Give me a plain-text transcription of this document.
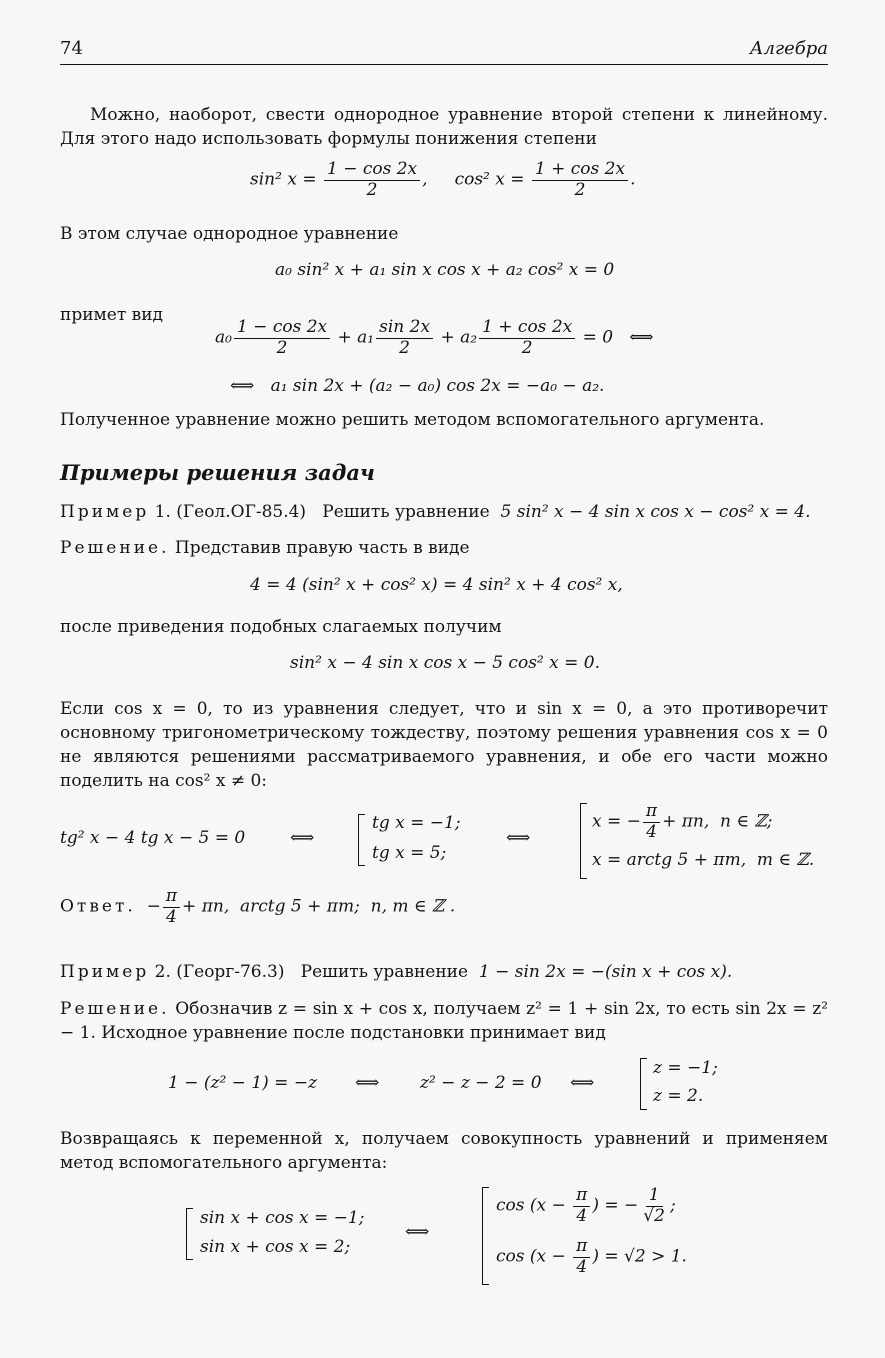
74	Алгебра

Можно, наоборот, свести однородное уравнение второй степени к линейному. Для этого надо использовать формулы понижения степени

sin² $x = \frac{1 - \cos 2x}{2}$ ,     cos² $x = \frac{1 + \cos 2x}{2}$ .

В этом случае однородное уравнение

a₀ sin² x + a₁ sin x cos x + a₂ cos² x = 0

примет вид

$a_0 \frac{1 - \cos 2x}{2} + a_1 \frac{\sin 2x}{2} + a_2 \frac{1 + \cos 2x}{2} = 0$   ⟺
⟺   a₁ sin 2x + (a₂ − a₀) cos 2x = −a₀ − a₂.

Полученное уравнение можно решить методом вспомогательного аргумента.

Примеры решения задач
Пример 1. (Геол.ОГ-85.4) Решить уравнение 5 sin² x − 4 sin x cos x − cos² x = 4.
Решение. Представив правую часть в виде
4 = 4 (sin² x + cos² x) = 4 sin² x + 4 cos² x,

после приведения подобных слагаемых получим

sin² x − 4 sin x cos x − 5 cos² x = 0.

Если cos x = 0, то из уравнения следует, что и sin x = 0, а это противоречит основному тригонометрическому тождеству, поэтому решения уравнения cos x = 0 не являются решениями рассматриваемого уравнения, и обе его части можно поделить на cos² x ≠ 0:

tg² x − 4 tg x − 5 = 0	⟺
tg x = −1;
tg x = 5;
⟺
x = − $\frac{\pi}{4} + \pi n$,  n ∈ ℤ;
x = arctg 5 + πm,  m ∈ ℤ.
Ответ. − $\frac{\pi}{4} + \pi n$,  arctg 5 + πm;  n, m ∈ ℤ .
Пример 2. (Георг-76.3) Решить уравнение 1 − sin 2x = −(sin x + cos x).

Решение. Обозначив z = sin x + cos x, получаем z² = 1 + sin 2x, то есть sin 2x = z² − 1. Исходное уравнение после подстановки принимает вид

1 − (z² − 1) = −z ⟺ z² − z − 2 = 0 ⟺
z = −1;
z = 2.

Возвращаясь к переменной x, получаем совокупность уравнений и применяем метод вспомогательного аргумента:

sin x + cos x = −1;
sin x + cos x = 2;
⟺
$\cos (x - \frac{\pi}{4}$ ) = − $\frac{1}{√2}$ ;
$\cos (x - \frac{\pi}{4}$ ) = √2 > 1.
